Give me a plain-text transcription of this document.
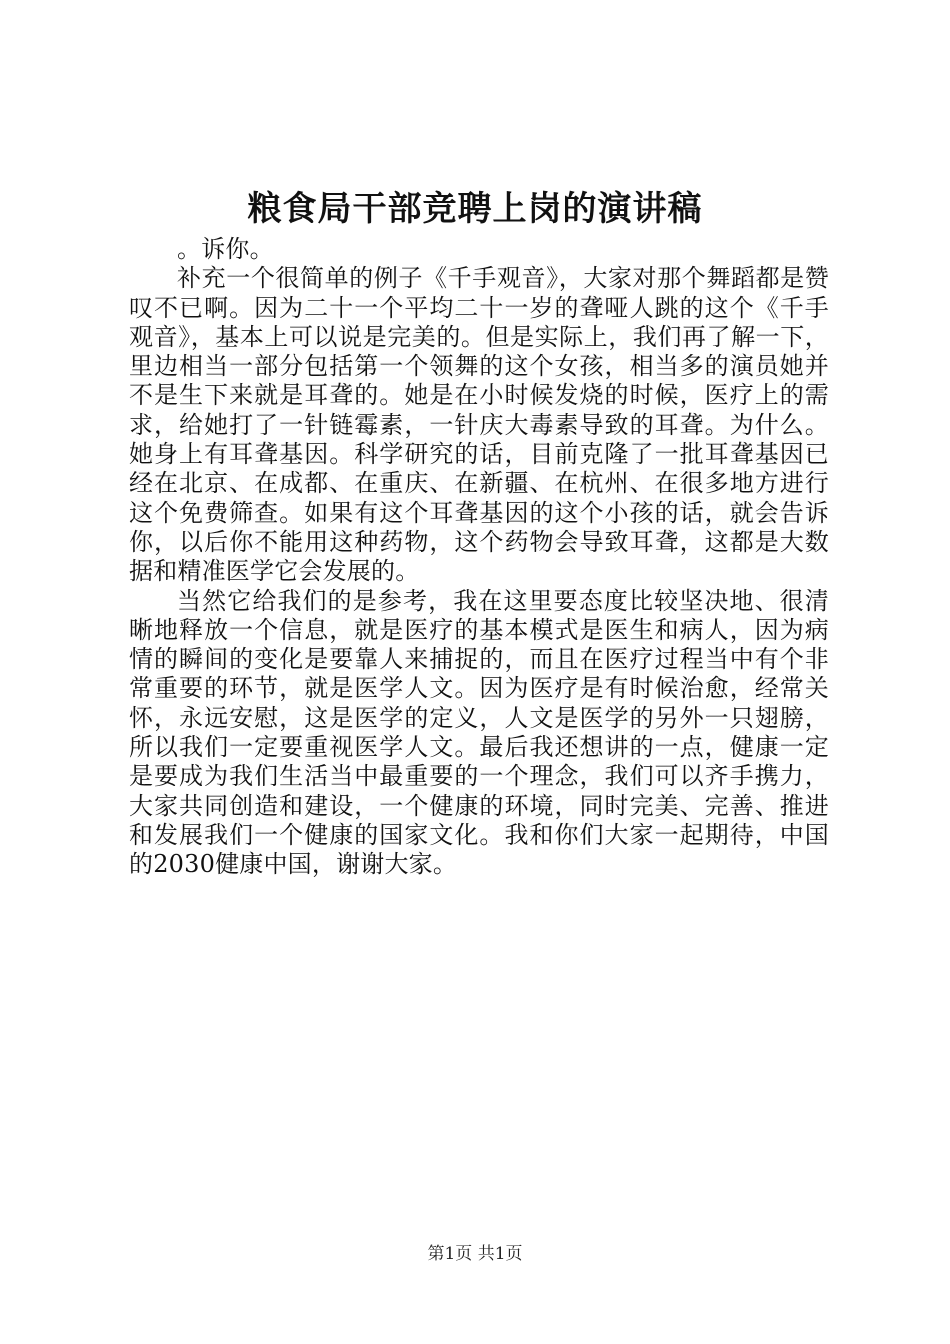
粮食局干部竞聘上岗的演讲稿

。诉你。

补充一个很简单的例子《千手观音》，大家对那个舞蹈都是赞叹不已啊。因为二十一个平均二十一岁的聋哑人跳的这个《千手观音》，基本上可以说是完美的。但是实际上，我们再了解一下，里边相当一部分包括第一个领舞的这个女孩，相当多的演员她并不是生下来就是耳聋的。她是在小时候发烧的时候，医疗上的需求，给她打了一针链霉素，一针庆大毒素导致的耳聋。为什么。她身上有耳聋基因。科学研究的话，目前克隆了一批耳聋基因已经在北京、在成都、在重庆、在新疆、在杭州、在很多地方进行这个免费筛查。如果有这个耳聋基因的这个小孩的话，就会告诉你，以后你不能用这种药物，这个药物会导致耳聋，这都是大数据和精准医学它会发展的。

当然它给我们的是参考，我在这里要态度比较坚决地、很清晰地释放一个信息，就是医疗的基本模式是医生和病人，因为病情的瞬间的变化是要靠人来捕捉的，而且在医疗过程当中有个非常重要的环节，就是医学人文。因为医疗是有时候治愈，经常关怀，永远安慰，这是医学的定义，人文是医学的另外一只翅膀，所以我们一定要重视医学人文。最后我还想讲的一点，健康一定是要成为我们生活当中最重要的一个理念，我们可以齐手携力，大家共同创造和建设，一个健康的环境，同时完美、完善、推进和发展我们一个健康的国家文化。我和你们大家一起期待，中国的2030健康中国，谢谢大家。

第1页 共1页
